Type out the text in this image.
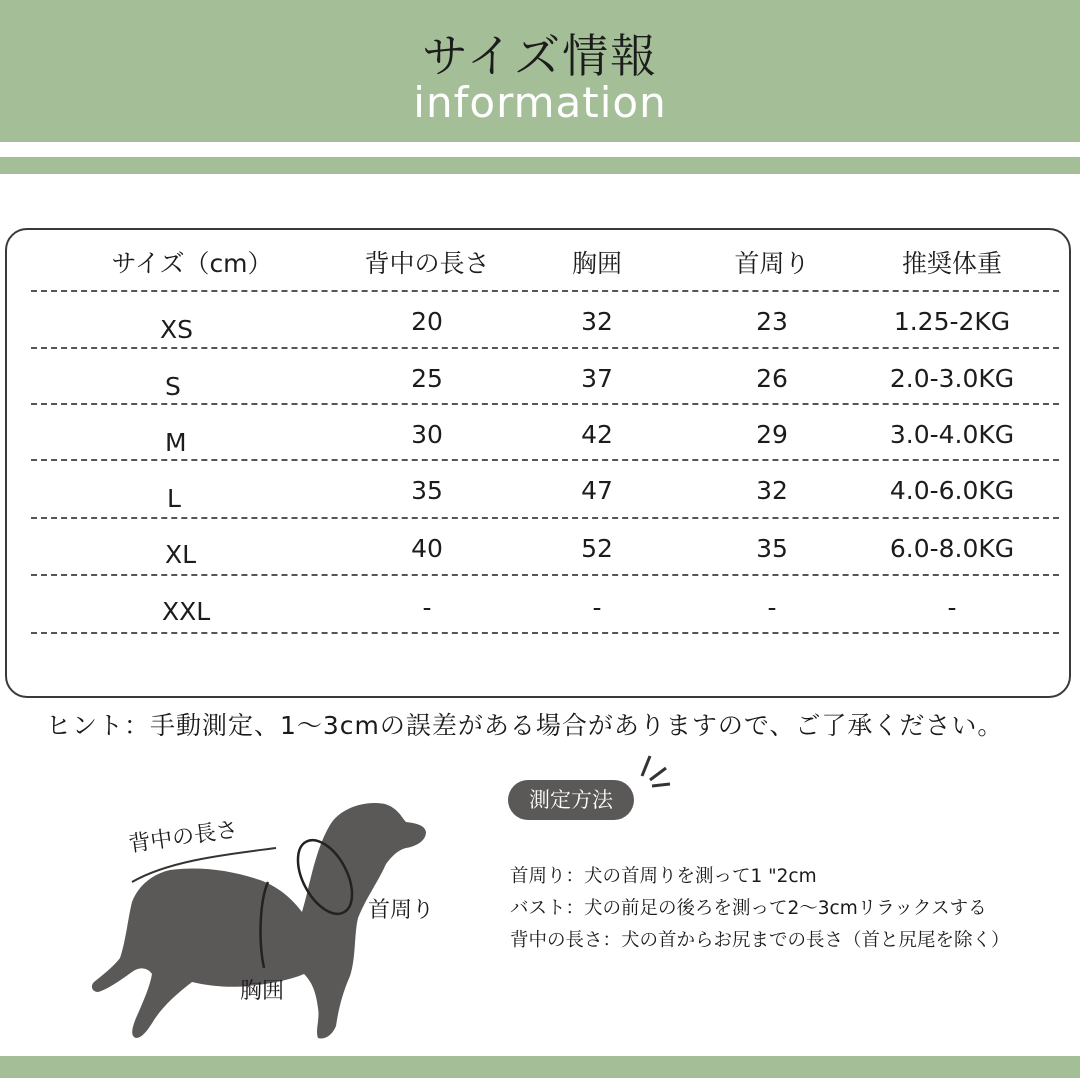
サイズ情報
information
サイズ（cm）	背中の長さ	胸囲	首周り	推奨体重
XS	20	32	23	1.25-2KG
S	25	37	26	2.0-3.0KG
M	30	42	29	3.0-4.0KG
L	35	47	32	4.0-6.0KG
XL	40	52	35	6.0-8.0KG
XXL	-	-	-	-
ヒント：手動測定、1～3cmの誤差がある場合がありますので、ご了承ください。
背中の長さ
首周り
胸囲
測定方法
首周り：犬の首周りを測って1 "2cm
バスト：犬の前足の後ろを測って2～3cmリラックスする
背中の長さ：犬の首からお尻までの長さ（首と尻尾を除く）
